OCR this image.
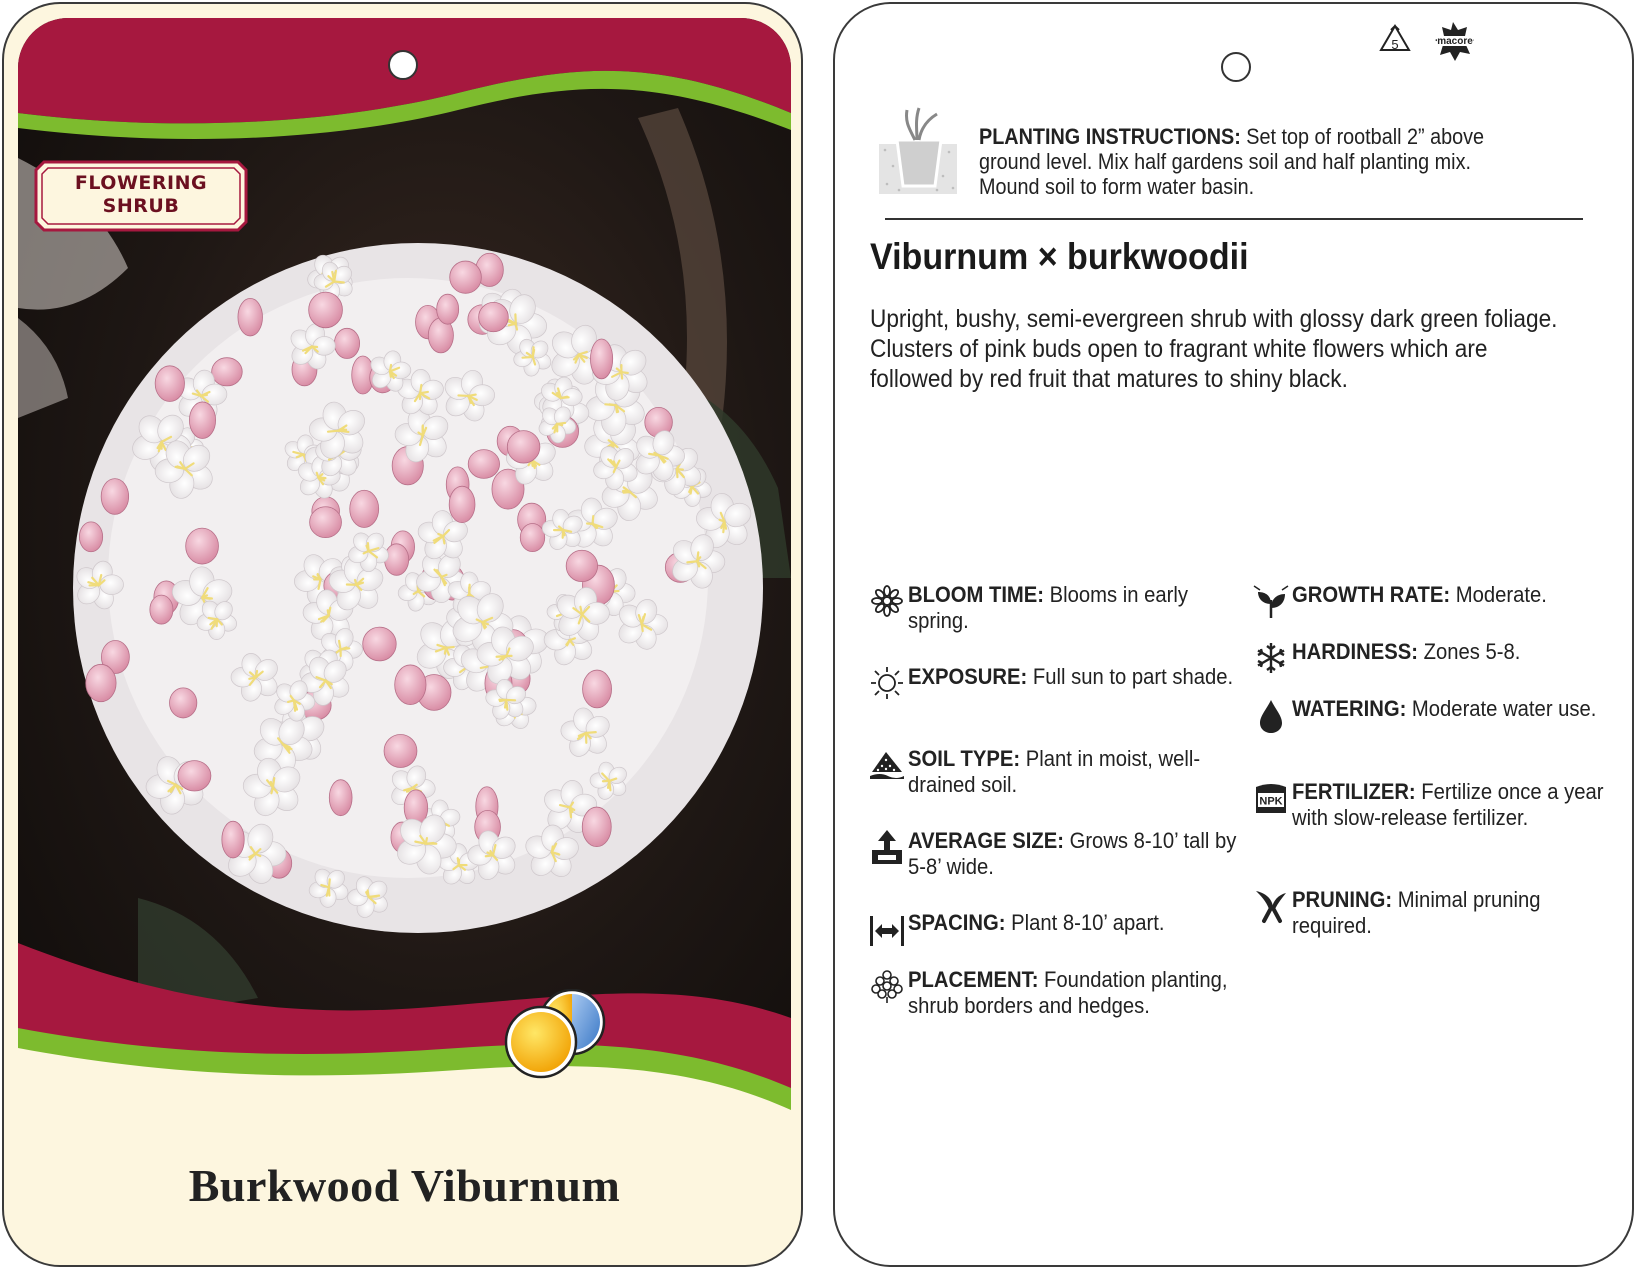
FLOWERING
SHRUB
Burkwood Viburnum
5	macore
PLANTING INSTRUCTIONS: Set top of rootball 2” above ground level. Mix half gardens soil and half planting mix. Mound soil to form water basin.
Viburnum × burkwoodii
Upright, bushy, semi-evergreen shrub with glossy dark green foliage. Clusters of pink buds open to fragrant white flowers which are followed by red fruit that matures to shiny black.
BLOOM TIME: Blooms in early spring.
EXPOSURE: Full sun to part shade.
SOIL TYPE: Plant in moist, well-drained soil.
AVERAGE SIZE: Grows 8-10’ tall by 5-8’ wide.
SPACING: Plant 8-10’ apart.
PLACEMENT: Foundation planting, shrub borders and hedges.
GROWTH RATE: Moderate.
HARDINESS: Zones 5-8.
WATERING: Moderate water use.
NPK FERTILIZER: Fertilize once a year with slow-release fertilizer.
PRUNING: Minimal pruning required.
